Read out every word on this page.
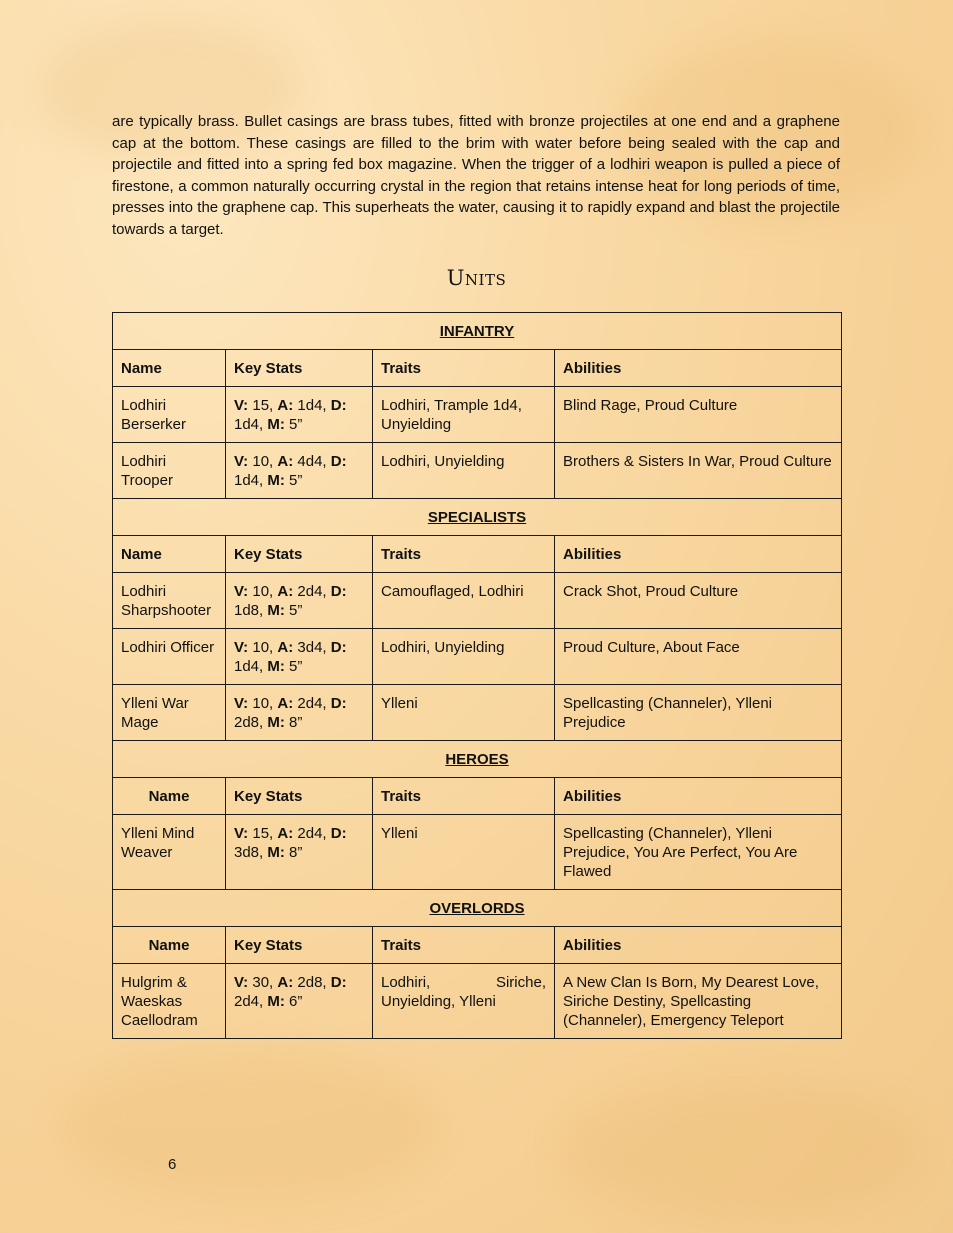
are typically brass. Bullet casings are brass tubes, fitted with bronze projectiles at one end and a graphene cap at the bottom. These casings are filled to the brim with water before being sealed with the cap and projectile and fitted into a spring fed box magazine. When the trigger of a lodhiri weapon is pulled a piece of firestone, a common naturally occurring crystal in the region that retains intense heat for long periods of time, presses into the graphene cap. This superheats the water, causing it to rapidly expand and blast the projectile towards a target.

Units
INFANTRY			
Name	Key Stats	Traits	Abilities
Lodhiri Berserker	V: 15, A: 1d4, D: 1d4, M: 5”	Lodhiri, Trample 1d4, Unyielding	Blind Rage, Proud Culture
Lodhiri Trooper	V: 10, A: 4d4, D: 1d4, M: 5”	Lodhiri, Unyielding	Brothers & Sisters In War, Proud Culture
SPECIALISTS			
Name	Key Stats	Traits	Abilities
Lodhiri Sharpshooter	V: 10, A: 2d4, D: 1d8, M: 5”	Camouflaged, Lodhiri	Crack Shot, Proud Culture
Lodhiri Officer	V: 10, A: 3d4, D: 1d4, M: 5”	Lodhiri, Unyielding	Proud Culture, About Face
Ylleni War Mage	V: 10, A: 2d4, D: 2d8, M: 8”	Ylleni	Spellcasting (Channeler), Ylleni Prejudice
HEROES			
Name	Key Stats	Traits	Abilities
Ylleni Mind Weaver	V: 15, A: 2d4, D: 3d8, M: 8”	Ylleni	Spellcasting (Channeler), Ylleni Prejudice, You Are Perfect, You Are Flawed
OVERLORDS			
Name	Key Stats	Traits	Abilities
Hulgrim & Waeskas Caellodram	V: 30, A: 2d8, D: 2d4, M: 6”	Lodhiri, Siriche, Unyielding, Ylleni	A New Clan Is Born, My Dearest Love, Siriche Destiny, Spellcasting (Channeler), Emergency Teleport
6
